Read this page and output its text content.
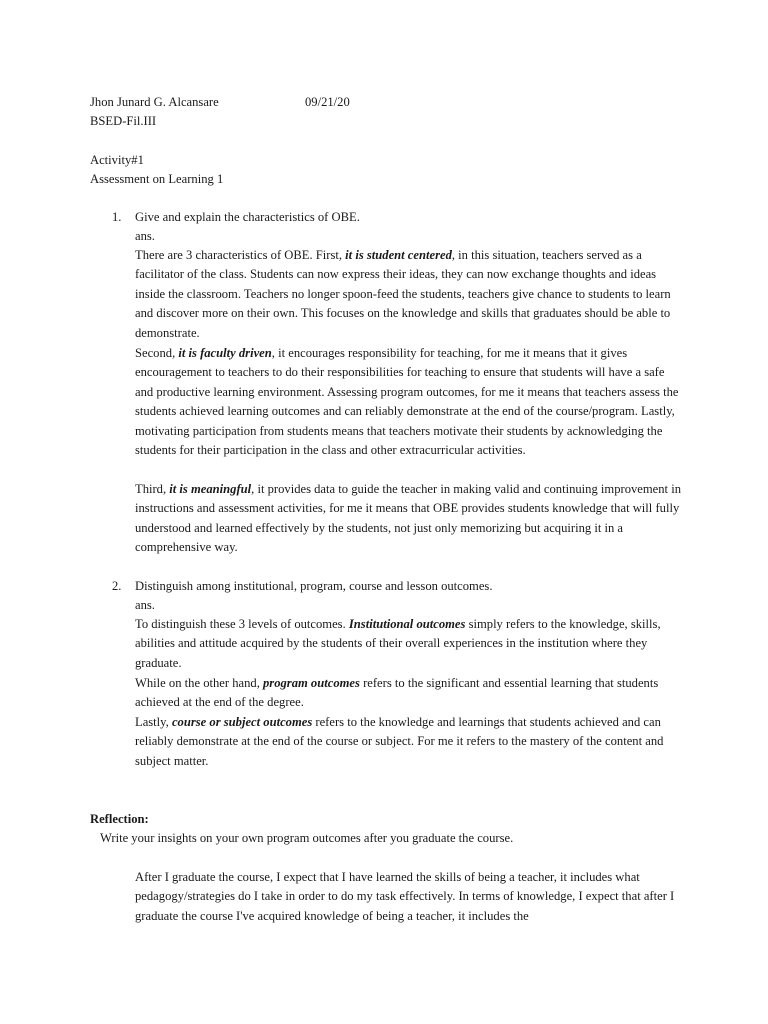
Jhon Junard G. Alcansare	09/21/20
BSED-Fil.III
Activity#1
Assessment on Learning 1
1.	Give and explain the characteristics of OBE.
ans.
There are 3 characteristics of OBE. First, it is student centered, in this situation, teachers served as a facilitator of the class. Students can now express their ideas, they can now exchange thoughts and ideas inside the classroom. Teachers no longer spoon-feed the students, teachers give chance to students to learn and discover more on their own. This focuses on the knowledge and skills that graduates should be able to demonstrate.
Second, it is faculty driven, it encourages responsibility for teaching, for me it means that it gives encouragement to teachers to do their responsibilities for teaching to ensure that students will have a safe and productive learning environment. Assessing program outcomes, for me it means that teachers assess the students achieved learning outcomes and can reliably demonstrate at the end of the course/program. Lastly, motivating participation from students means that teachers motivate their students by acknowledging the students for their participation in the class and other extracurricular activities.
Third, it is meaningful, it provides data to guide the teacher in making valid and continuing improvement in instructions and assessment activities, for me it means that OBE provides students knowledge that will fully understood and learned effectively by the students, not just only memorizing but acquiring it in a comprehensive way.
2.	Distinguish among institutional, program, course and lesson outcomes.
ans.
To distinguish these 3 levels of outcomes. Institutional outcomes simply refers to the knowledge, skills, abilities and attitude acquired by the students of their overall experiences in the institution where they graduate.
While on the other hand, program outcomes refers to the significant and essential learning that students achieved at the end of the degree.
Lastly, course or subject outcomes refers to the knowledge and learnings that students achieved and can reliably demonstrate at the end of the course or subject. For me it refers to the mastery of the content and subject matter.
Reflection:
Write your insights on your own program outcomes after you graduate the course.
After I graduate the course, I expect that I have learned the skills of being a teacher, it includes what pedagogy/strategies do I take in order to do my task effectively. In terms of knowledge, I expect that after I graduate the course I've acquired knowledge of being a teacher, it includes the
